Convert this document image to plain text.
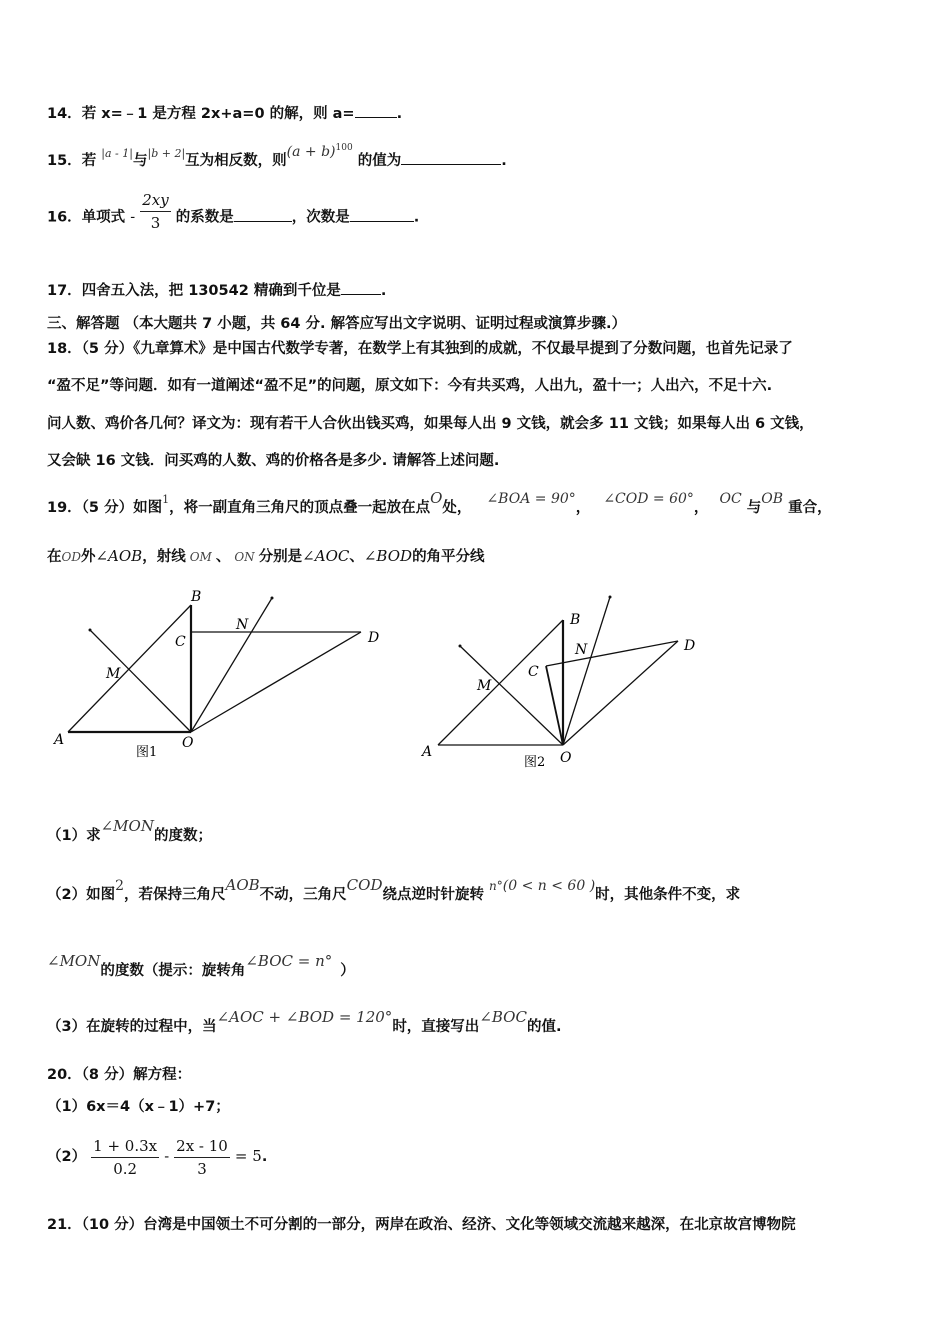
14．若 x=﹣1 是方程 2x+a=0 的解，则 a=	.
15．若 $^{|a - 1|}$与$^{|b + 2|}$互为相反数，则$(a + b)^{100}$ 的值为	.
16．单项式 - $\frac{2xy}{3}$ 的系数是	，次数是	.
17．四舍五入法，把 130542 精确到千位是	.
三、解答题 （本大题共 7 小题，共 64 分. 解答应写出文字说明、证明过程或演算步骤.）
18．（5 分）《九章算术》是中国古代数学专著，在数学上有其独到的成就，不仅最早提到了分数问题，也首先记录了
“盈不足”等问题．如有一道阐述“盈不足”的问题，原文如下：今有共买鸡，人出九，盈十一；人出六，不足十六.
问人数、鸡价各几何？译文为：现有若干人合伙出钱买鸡，如果每人出 9 文钱，就会多 11 文钱；如果每人出 6 文钱，
又会缺 16 文钱．问买鸡的人数、鸡的价格各是多少. 请解答上述问题.
19．（5 分）如图$^1$，将一副直角三角尺的顶点叠一起放在点O处， ∠BOA = 90°， ∠COD = 60°， OC 与OB 重合，
在OD外∠AOB，射线 OM 、 ON 分别是∠AOC、∠BOD的角平分线
A
B
C
N
D
M
O
图1	A
B
C
N	D
M
O
图2
（1）求∠MON的度数；
（2）如图2，若保持三角尺AOB不动，三角尺COD绕点逆时针旋转 $^{n^\circ}$(0 < n < 60 )时，其他条件不变，求
∠MON的度数（提示：旋转角∠BOC = n°）
（3）在旋转的过程中，当∠AOC + ∠BOD = 120°时，直接写出∠BOC的值.
20．（8 分）解方程：
（1）6x＝4（x﹣1）+7；
$(2) \frac{1 + 0.3x}{0.2} - \frac{2x - 10}{3} = 5$.
21．（10 分）台湾是中国领土不可分割的一部分，两岸在政治、经济、文化等领域交流越来越深，在北京故宫博物院
